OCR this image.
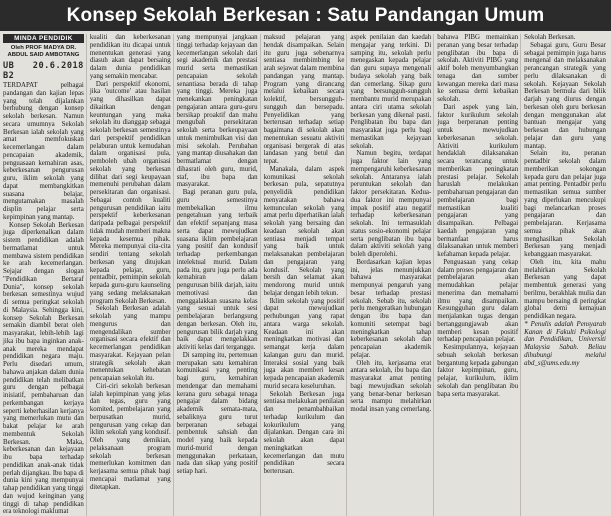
Konsep Sekolah Berkesan : Satu Pandangan Umum
MINDA PENDIDIK
Oleh PROF MADYA DR. ABDUL SAID AMBOTANG
UB 20.6.2018 B2

TERDAPAT pelbagai pandangan dan kajian lepas yang telah dijalankan berhubung dengan konsep sekolah berkesan. Namun secara umumnya Sekolah Berkesan ialah sekolah yang amat memfokuskan kecemerlangan dalam pencapaian akademik, penguasaan kemahiran asas, keberkesanan pengurusan guru, iklim sekolah yang dapat membangkitkan suasana belajar, mengutamakan masalah displin pelajar serta kepimpinan yang mantap.

Konsep Sekolah Berkesan juga diperkenalkan dalam sistem pendidikan adalah bermatlamat untuk membawa sistem pendidikan ke arah kecemerlangan. Sejajar dengan slogan "Pendidikan Bertaraf Dunia", konsep sekolah berkesan semestinya wujud di semua peringkat sekolah di Malaysia. Sehingga kini, konsep Sekolah Berkesan semakin diambil berat oleh masyarakat, lebih-lebih lagi jika ibu bapa inginkan anak-anak mereka mendapat pendidikan negara maju. Perlu disedari umum, bahawa anjakan dalam dunia pendidikan telah melibatkan guru dengan pelbagai inisiatif, pembaharuan dan perkembangan kerjaya seperti keberhasilan kerjanya yang memerlukan mutu dan bakat pelajar ke arah membentuk Sekolah Berkesan. Maka, keberkesanan dan kejayaan ibu bapa terhadap pendidikan anak-anak tidak perlah dijangkau. Ibu bapa di dunia kini yang mempunyai tahap pendidikan yang tinggi dan wujud keinginan yang tinggi di tahap pendidikan era teknologi maklumat

kualiti dan keberkesanan pendidikan itu dicapai untuk menentukan generasi yang diasuh akan dapat bersaing dalam dunia pendidikan yang semakin mencabar.

Dari perspektif ekonomi, jika 'outcome' atau hasilan yang dihasilkan dapat dikaitkan dengan keuntungan yang maka sekolah itu dianggap sebagai sekolah berkesan semestinya dari perspektif pendidikan pelaburan untuk kemudahan dalam organisasi pula, pemboleh ubah organisasi sekolah yang berkesan dilihat dari segi keupayaan memenuhi perubahan dalam persekitaran dan organisasi. Sebagai contoh kualiti pengurusan pendidikan iaitu perspektif keberkesanan daripada pelbagai perspektif tidak mudah memberi makna kepada kesemua pihak. Mereka mempunyai cita-cita sendiri tentang sekolah berkesan yang ditujukan kepada pelajar, guru, pentadbir, pemimpin sekolah kepada guru-guru kaunseling yang sedang melaksanakan program Sekolah Berkesan.

Sekolah Berkesan adalah sekolah yang mampu mengurus dan mengendalikan sumber organisasi secara efektif dan kecemerlangan pendidikan masyarakat. Kejayaan pelan strategik sekolah akan menentukan kehebatan pencapaian sekolah itu.

Ciri-ciri sekolah berkesan ialah kepimpinan yang jelas dan tegas, guru yang komited, pembelajaran yang berpusatkan murid, pengurusan yang cekap dan iklim sekolah yang kondusif. Oleh yang demikian, pelaksanaan program sekolah berkesan memerlukan komitmen dan kerjasama semua pihak bagi mencapai matlamat yang ditetapkan.

yang mempunyai jangkaan tinggi terhadap kejayaan dan kecemerlangan sekolah dari segi akademik dan prestasi murid serta memastikan pencapaian sekolah senantiasa berada di tahap yang tinggi. Mereka juga menekankan peningkatan pengajaran antara guru-guru bersikap proaktif dan mahu mengubah persekitaran sekolah serta berkeupayaan untuk menimbulkan visi dan misi sekolah. Perubahan yang mantap diusahakan dan bermatlamat dengan dihasrati oleh guru, murid, staf, ibu bapa dan masyarakat.

Bagi peranan guru pula, guru semestinya membekalkan ilmu pengetahuan yang terbaik dan efektif sepanjang masa serta dapat mewujudkan suasana iklim pembelajaran yang positif dan kondusif terhadap perkembangan intelektual murid. Dalam pada itu, guru juga perlu ada kemahiran dalam pengurusan bilik darjah, iaitu memotivasi dan menggalakkan suasana kelas yang sesuai untuk sesi pembelajaran berlangsung dengan berkesan. Oleh itu, pengurusan bilik darjah yang baik dapat mengelakkan aktiviti kelas dari terganggu.

Di samping itu, pertemuan merupakan satu kemahiran komunikasi yang penting bagi guru, kemahiran mendengar dan memahami kerana guru sebagai tenaga pengajar dalam bidang akademik semata-mata, sebaliknya guru turut berperanan sebagai pembentuk sahsiah dan model yang baik kepada murid-murid dengan menggunakan perkataan, nada dan sikap yang positif setiap hari.

maksud pelajaran yang hendak disampaikan. Selain itu guru juga sebenarnya sentiasa membimbing ke arah sejawat dalam membina pandangan yang mantap. Program yang dirancang melalui kebaikan secara kolektif, bersungguh-sungguh dan bersepadu. Penyelidikan yang berterusan terhadap setiap bagaimana di sekolah akan menentukan sesuatu aktiviti organisasi bergerak di atas landasan yang betul dan tepat.

Manakala, dalam aspek komunikasi sekolah berkesan pula, sepatutnya penyelidik pendidikan menyatakan bahawa kemunculan sekolah yang amat perlu diperhatikan ialah sekolah yang bersaing dan keadaan sekolah akan sentiasa menjadi tempat yang baik untuk melaksanakan pembelajaran dan pengajaran yang kondusif. Sekolah yang bersih dan selamat akan mendorong murid untuk belajar dengan lebih tekun.

Iklim sekolah yang positif dapat mewujudkan perhubungan yang rapat antara warga sekolah. Keadaan ini akan meningkatkan motivasi dan semangat kerja dalam kalangan guru dan murid. Interaksi sosial yang baik juga akan memberi kesan kepada pencapaian akademik murid secara keseluruhan.

Sekolah Berkesan juga sentiasa melakukan penilaian dan penambahbaikan terhadap kurikulum dan kokurikulum yang dijalankan. Dengan cara ini sekolah akan dapat meningkatkan kecemerlangan dan mutu pendidikan secara berterusan.

aspek penilaian dan kaedah mengajar yang terkini. Di samping itu, sekolah perlu menegaskan kepada pelajar dan guru supaya mengenali budaya sekolah yang baik dan cemerlang. Sikap guru yang bersungguh-sungguh membantu murid merupakan antara ciri utama sekolah berkesan yang dikenal pasti. Penglibatan ibu bapa dan masyarakat juga perlu bagi memastikan kejayaan sekolah.

Namun begitu, terdapat juga faktor lain yang mempengaruhi keberkesanan sekolah. Antaranya ialah peruntukan sekolah dan faktor persekitaran. Kedua-dua faktor ini mempunyai impak positif atau negatif terhadap keberkesanan sekolah. Ini termasuklah status sosio-ekonomi pelajar serta penglibatan ibu bapa dalam aktiviti sekolah yang boleh diperolehi.

Berdasarkan kajian lepas ini, jelas menunjukkan bahawa masyarakat mempunyai pengaruh yang besar terhadap prestasi sekolah. Sebab itu, sekolah perlu mengeratkan hubungan dengan ibu bapa dan komuniti setempat bagi meningkatkan tahap keberkesanan sekolah dan pencapaian akademik pelajar.

Oleh itu, kerjasama erat antara sekolah, ibu bapa dan masyarakat amat penting bagi mewujudkan sekolah yang benar-benar berkesan serta mampu melahirkan modal insan yang cemerlang.

bahawa PIBG memainkan peranan yang besar terhadap penglibatan ibu bapa di sekolah. Aktiviti PIBG yang aktif boleh menyumbangkan tenaga dan sumber kewangan mereka dari masa ke semasa demi kebaikan sekolah.

Dari aspek yang lain, faktor kurikulum sekolah juga berperanan penting untuk mewujudkan keberkesanan sekolah. Aktiviti kurikulum hendaklah dilaksanakan secara terancang untuk memberikan peningkatan prestasi pelajar. Sekolah haruslah melakukan pembaharuan pengajaran dan pembelajaran bagi memastikan kualiti pengajaran yang disampaikan. Pelbagai kaedah pengajaran yang bermanfaat harus dilaksanakan untuk memberi kefahaman kepada pelajar.

Penguasaan yang cekap dalam proses pengajaran dan pembelajaran akan memudahkan pelajar menerima dan memahami ilmu yang disampaikan. Kesungguhan guru dalam menjalankan tugas dengan bertanggungjawab akan memberi kesan positif terhadap pencapaian pelajar.

Kesimpulannya, kejayaan sebuah sekolah berkesan bergantung kepada gabungan faktor kepimpinan, guru, pelajar, kurikulum, iklim sekolah dan penglibatan ibu bapa serta masyarakat.

Sekolah Berkesan.

Sebagai guru, Guru Besar sebagai pemimpin juga harus mengenal dan melaksanakan perancangan strategik yang perlu dilaksanakan di sekolah. Kejayaan Sekolah Berkesan bermula dari bilik darjah yang diurus dengan berkesan oleh guru berkesan dengan menggunakan alat bantuan mengajar yang berkesan dan hubungan pelajar dan guru yang mantap.

Selain itu, peranan pentadbir sekolah dalam memberikan sokongan kepada guru dan pelajar juga amat penting. Pentadbir perlu memastikan semua sumber yang diperlukan mencukupi bagi melancarkan proses pengajaran dan pembelajaran. Kerjasama semua pihak akan menghasilkan Sekolah Berkesan yang menjadi kebanggaan masyarakat.

Oleh itu, kita mahu melahirkan Sekolah Berkesan yang dapat membentuk generasi yang berilmu, berakhlak mulia dan mampu bersaing di peringkat global demi kemajuan pendidikan negara.

* Penulis adalah Pensyarah Kanan di Fakulti Psikologi dan Pendidikan, Universiti Malaysia Sabah. Beliau dihubungi melalui abd_s@ums.edu.my
